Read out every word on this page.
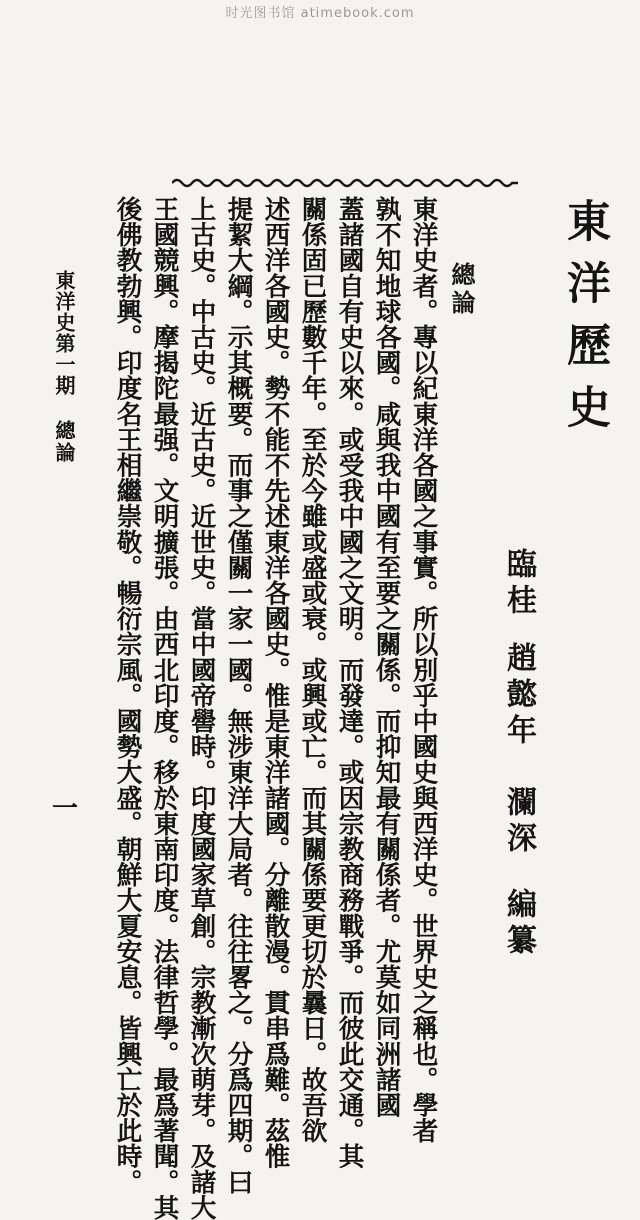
时光图书馆 atimebook.com
東洋歷史
臨桂
趙懿年
瀾深
編纂
總論

東洋史者。專以紀東洋各國之事實。所以別乎中國史與西洋史。世界史之稱也。學者

孰不知地球各國。咸與我中國有至要之關係。而抑知最有關係者。尤莫如同洲諸國

蓋諸國自有史以來。或受我中國之文明。而發達。或因宗教商務戰爭。而彼此交通。其

關係固已歷數千年。至於今雖或盛或衰。或興或亡。而其關係要更切於曩日。故吾欲

述西洋各國史。勢不能不先述東洋各國史。惟是東洋諸國。分離散漫。貫串爲難。茲惟

提絜大綱。示其概要。而事之僅關一家一國。無涉東洋大局者。往往畧之。分爲四期。曰

上古史。中古史。近古史。近世史。當中國帝嚳時。印度國家草創。宗教漸次萌芽。及諸大

王國競興。摩揭陀最强。文明擴張。由西北印度。移於東南印度。法律哲學。最爲著聞。其

後佛教勃興。印度名王相繼崇敬。暢衍宗風。國勢大盛。朝鮮大夏安息。皆興亡於此時。

東洋史第一期
總論
一
